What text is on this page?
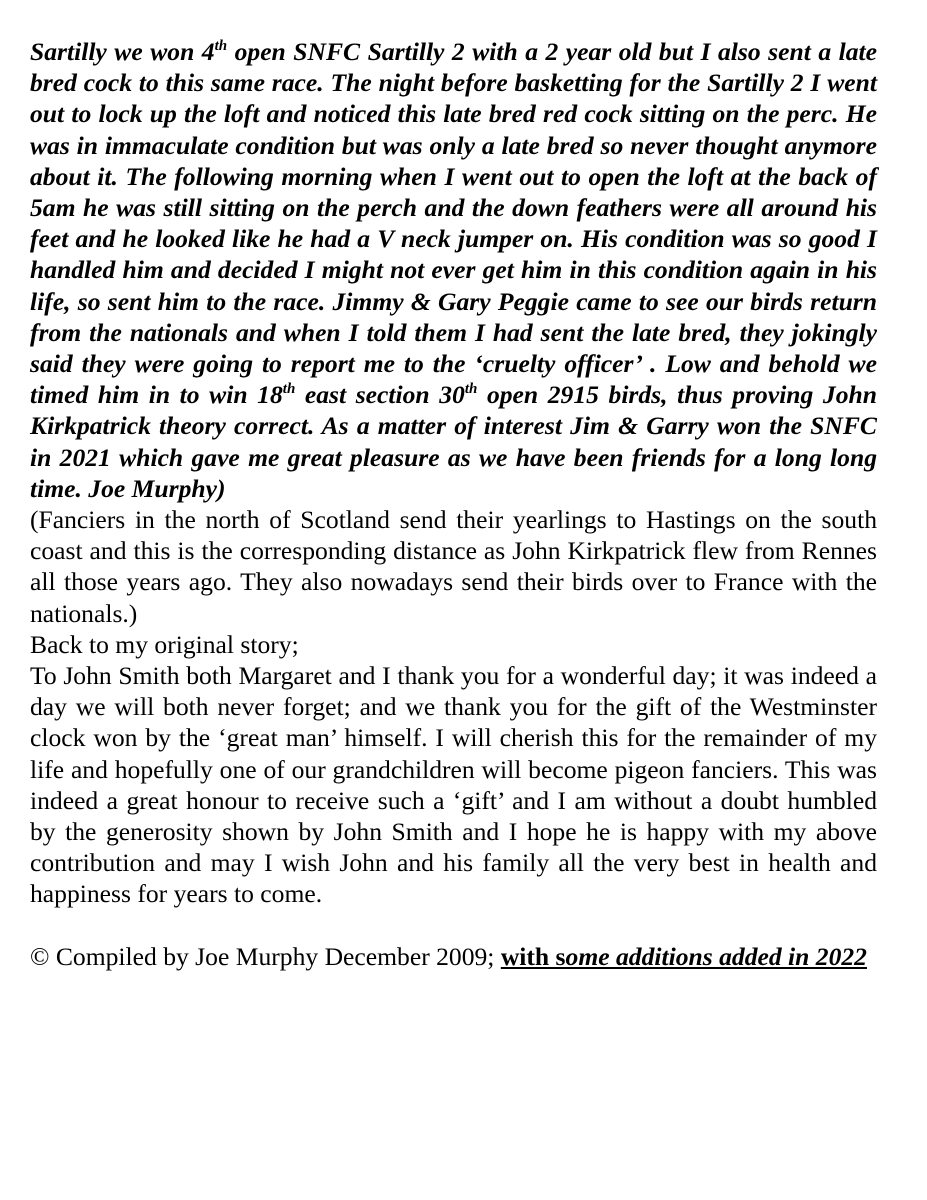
Sartilly we won 4th open SNFC Sartilly 2 with a 2 year old but I also sent a late bred cock to this same race. The night before basketting for the Sartilly 2 I went out to lock up the loft and noticed this late bred red cock sitting on the perc. He was in immaculate condition but was only a late bred so never thought anymore about it. The following morning when I went out to open the loft at the back of 5am he was still sitting on the perch and the down feathers were all around his feet and he looked like he had a V neck jumper on. His condition was so good I handled him and decided I might not ever get him in this condition again in his life, so sent him to the race. Jimmy & Gary Peggie came to see our birds return from the nationals and when I told them I had sent the late bred, they jokingly said they were going to report me to the ‘cruelty officer’ . Low and behold we timed him in to win 18th east section 30th open 2915 birds, thus proving John Kirkpatrick theory correct. As a matter of interest Jim & Garry won the SNFC in 2021 which gave me great pleasure as we have been friends for a long long time. Joe Murphy)

(Fanciers in the north of Scotland send their yearlings to Hastings on the south coast and this is the corresponding distance as John Kirkpatrick flew from Rennes all those years ago. They also nowadays send their birds over to France with the nationals.)

Back to my original story;

To John Smith both Margaret and I thank you for a wonderful day; it was indeed a day we will both never forget; and we thank you for the gift of the Westminster clock won by the ‘great man’ himself. I will cherish this for the remainder of my life and hopefully one of our grandchildren will become pigeon fanciers. This was indeed a great honour to receive such a ‘gift’ and I am without a doubt humbled by the generosity shown by John Smith and I hope he is happy with my above contribution and may I wish John and his family all the very best in health and happiness for years to come.

© Compiled by Joe Murphy December 2009; with some additions added in 2022
